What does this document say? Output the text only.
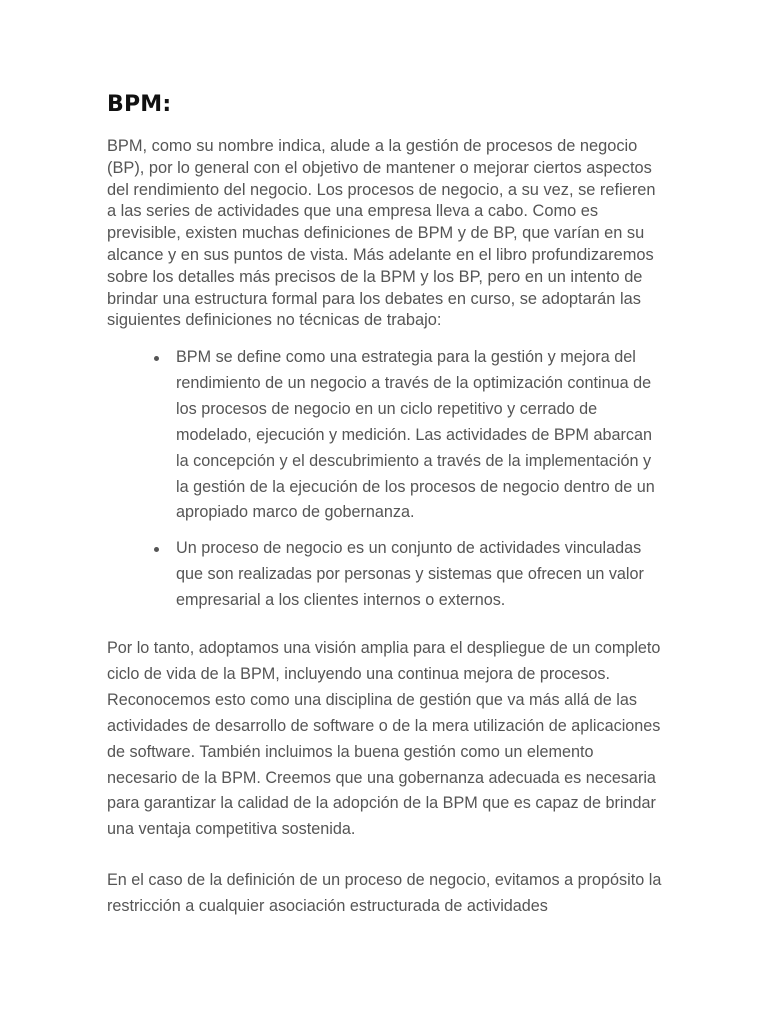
BPM:

BPM, como su nombre indica, alude a la gestión de procesos de negocio (BP), por lo general con el objetivo de mantener o mejorar ciertos aspectos del rendimiento del negocio. Los procesos de negocio, a su vez, se refieren a las series de actividades que una empresa lleva a cabo. Como es previsible, existen muchas definiciones de BPM y de BP, que varían en su alcance y en sus puntos de vista. Más adelante en el libro profundizaremos sobre los detalles más precisos de la BPM y los BP, pero en un intento de brindar una estructura formal para los debates en curso, se adoptarán las siguientes definiciones no técnicas de trabajo:

BPM se define como una estrategia para la gestión y mejora del rendimiento de un negocio a través de la optimización continua de los procesos de negocio en un ciclo repetitivo y cerrado de modelado, ejecución y medición. Las actividades de BPM abarcan la concepción y el descubrimiento a través de la implementación y la gestión de la ejecución de los procesos de negocio dentro de un apropiado marco de gobernanza.
Un proceso de negocio es un conjunto de actividades vinculadas que son realizadas por personas y sistemas que ofrecen un valor empresarial a los clientes internos o externos.

Por lo tanto, adoptamos una visión amplia para el despliegue de un completo ciclo de vida de la BPM, incluyendo una continua mejora de procesos. Reconocemos esto como una disciplina de gestión que va más allá de las actividades de desarrollo de software o de la mera utilización de aplicaciones de software. También incluimos la buena gestión como un elemento necesario de la BPM. Creemos que una gobernanza adecuada es necesaria para garantizar la calidad de la adopción de la BPM que es capaz de brindar una ventaja competitiva sostenida.

En el caso de la definición de un proceso de negocio, evitamos a propósito la restricción a cualquier asociación estructurada de actividades
